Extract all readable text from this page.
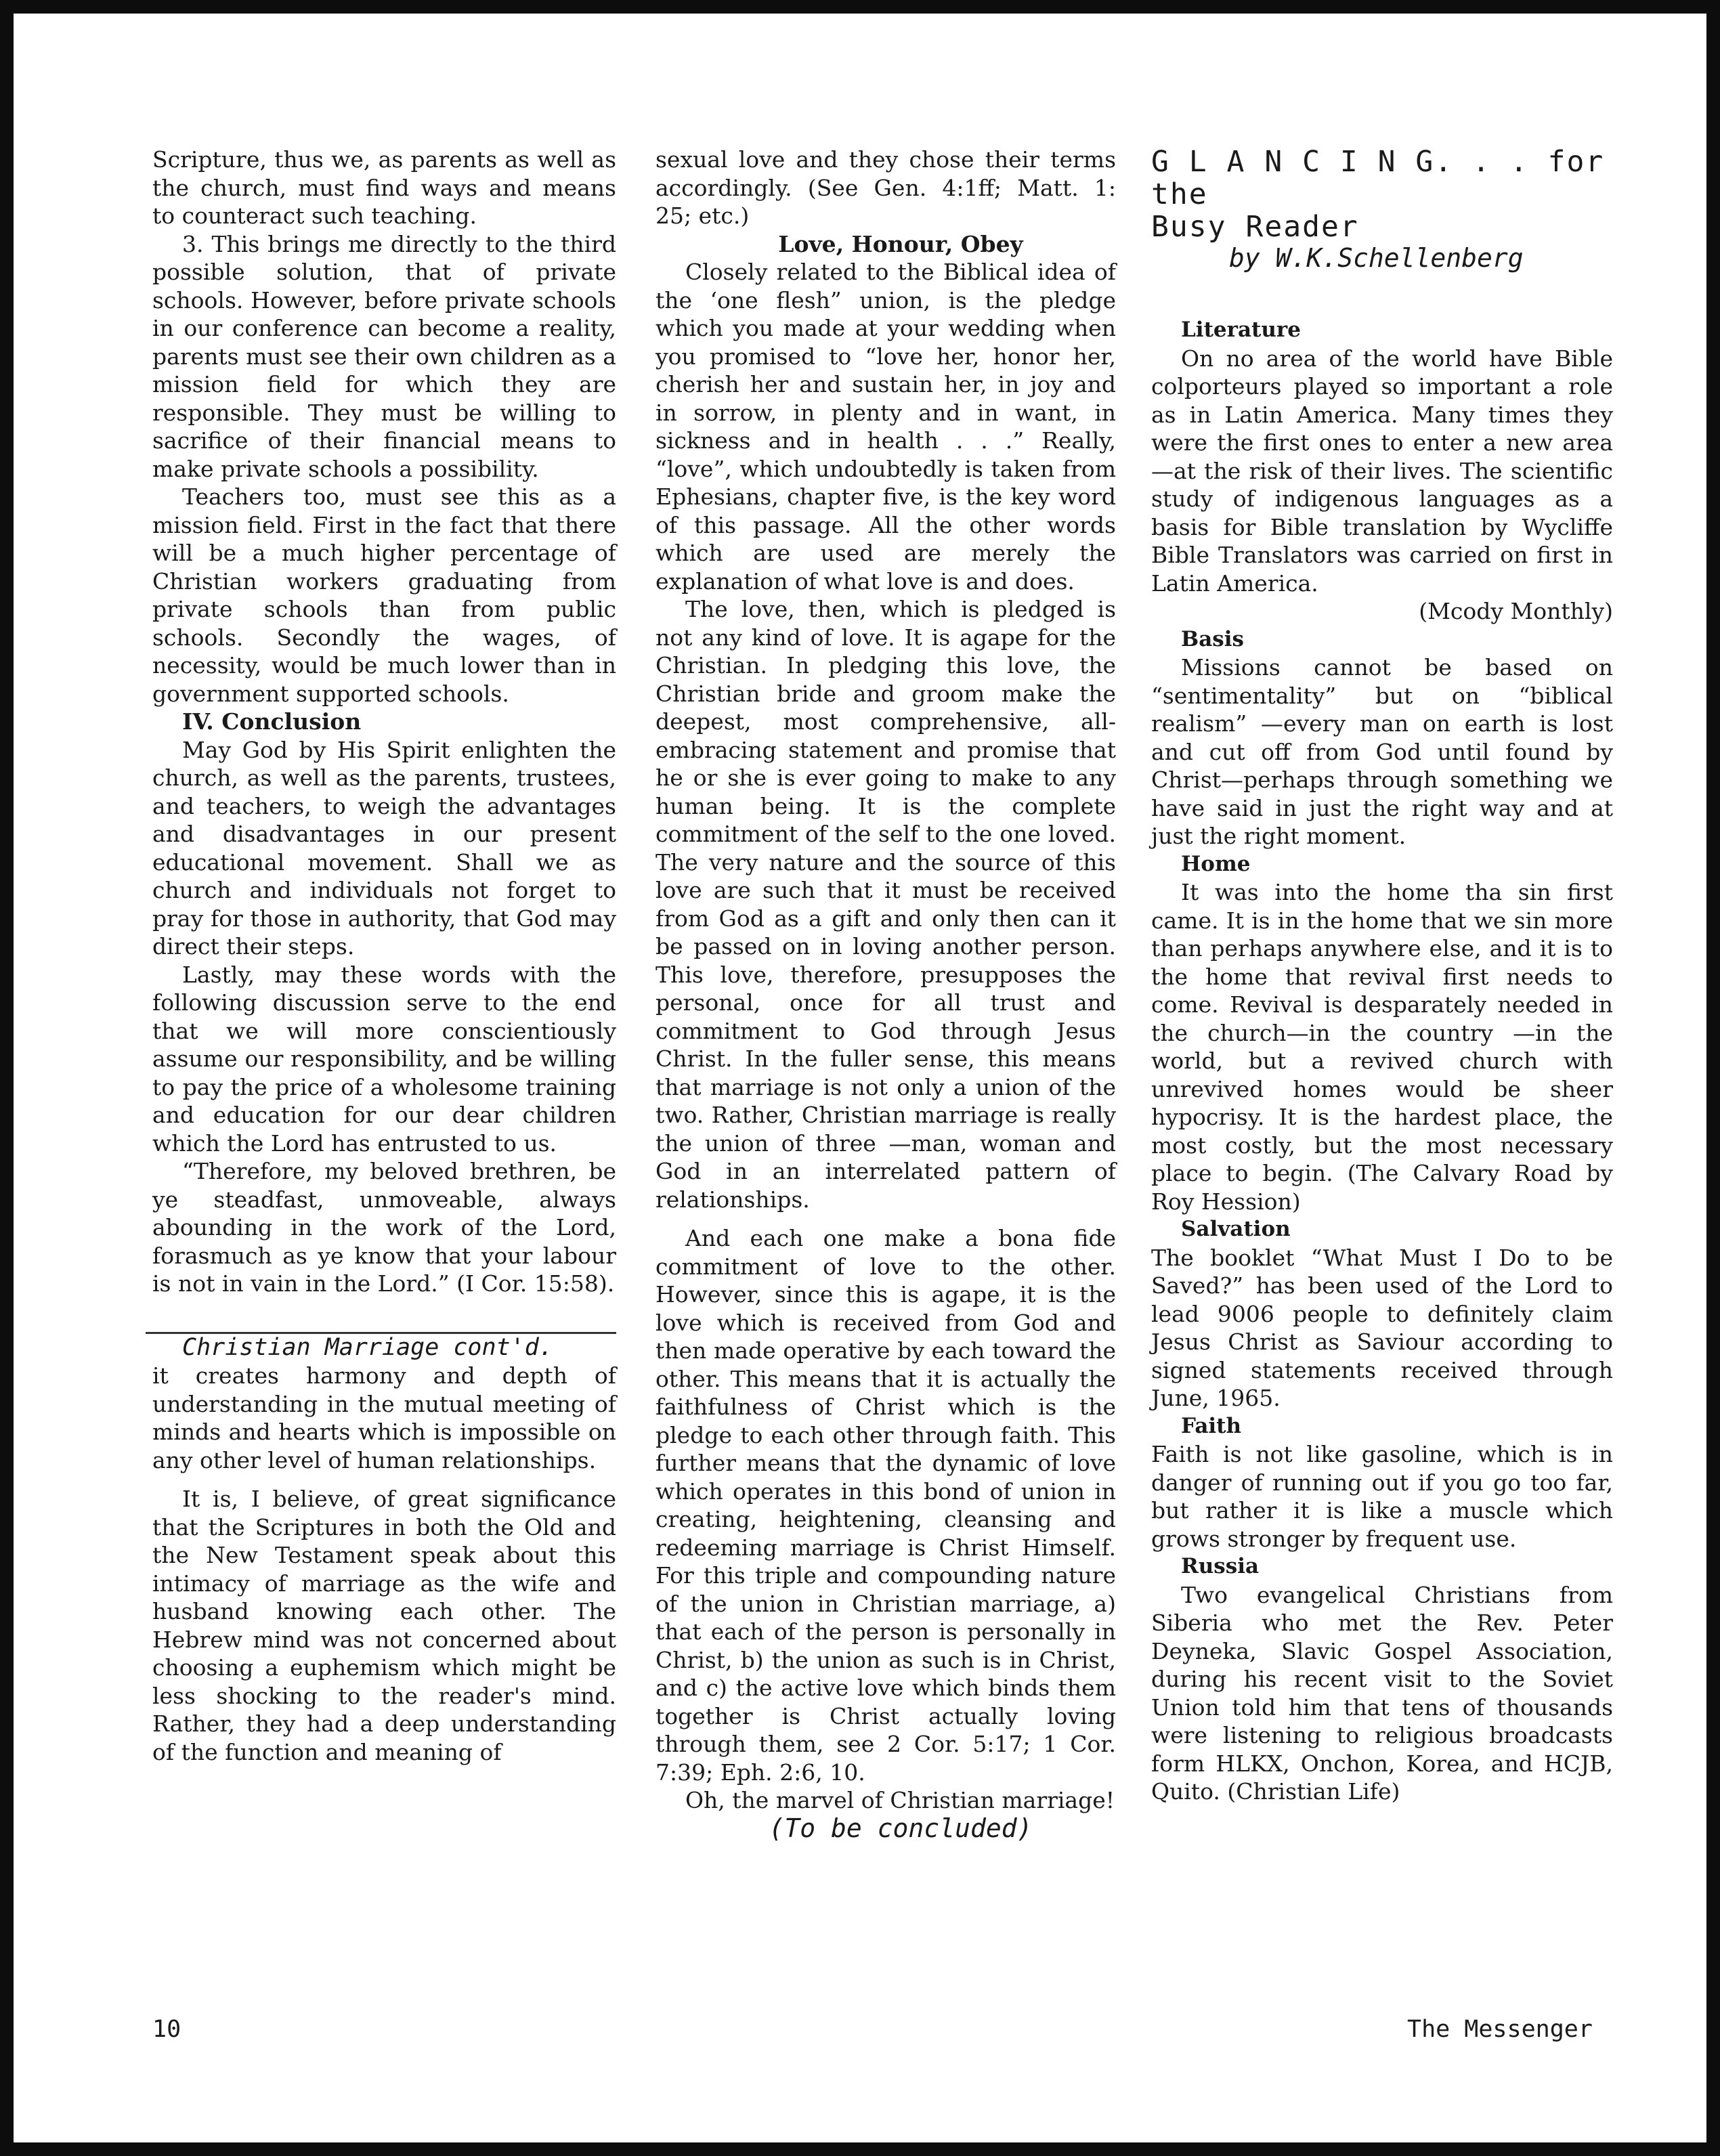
Scripture, thus we, as parents as well as the church, must find ways and means to counteract such teaching.

3. This brings me directly to the third possible solution, that of private schools. However, before private schools in our conference can become a reality, parents must see their own children as a mission field for which they are responsible. They must be willing to sacrifice of their financial means to make private schools a possibility.

Teachers too, must see this as a mission field. First in the fact that there will be a much higher percentage of Christian workers graduating from private schools than from public schools. Secondly the wages, of necessity, would be much lower than in government supported schools.

IV. Conclusion

May God by His Spirit enlighten the church, as well as the parents, trustees, and teachers, to weigh the advantages and disadvantages in our present educational movement. Shall we as church and individuals not forget to pray for those in authority, that God may direct their steps.

Lastly, may these words with the following discussion serve to the end that we will more conscientiously assume our responsibility, and be willing to pay the price of a wholesome training and education for our dear children which the Lord has entrusted to us.

“Therefore, my beloved brethren, be ye steadfast, unmoveable, always abounding in the work of the Lord, forasmuch as ye know that your labour is not in vain in the Lord.” (I Cor. 15:58).

Christian Marriage cont'd.

it creates harmony and depth of understanding in the mutual meeting of minds and hearts which is impossible on any other level of human relationships.

It is, I believe, of great significance that the Scriptures in both the Old and the New Testament speak about this intimacy of marriage as the wife and husband knowing each other. The Hebrew mind was not concerned about choosing a euphemism which might be less shocking to the reader's mind. Rather, they had a deep understanding of the function and meaning of

sexual love and they chose their terms accordingly. (See Gen. 4:1ff; Matt. 1: 25; etc.)

Love, Honour, Obey

Closely related to the Biblical idea of the ‘one flesh” union, is the pledge which you made at your wedding when you promised to “love her, honor her, cherish her and sustain her, in joy and in sorrow, in plenty and in want, in sickness and in health . . .” Really, “love”, which undoubtedly is taken from Ephesians, chapter five, is the key word of this passage. All the other words which are used are merely the explanation of what love is and does.

The love, then, which is pledged is not any kind of love. It is agape for the Christian. In pledging this love, the Christian bride and groom make the deepest, most comprehensive, all-embracing statement and promise that he or she is ever going to make to any human being. It is the complete commitment of the self to the one loved. The very nature and the source of this love are such that it must be received from God as a gift and only then can it be passed on in loving another person. This love, therefore, presupposes the personal, once for all trust and commitment to God through Jesus Christ. In the fuller sense, this means that marriage is not only a union of the two. Rather, Christian marriage is really the union of three —man, woman and God in an interrelated pattern of relationships.

And each one make a bona fide commitment of love to the other. However, since this is agape, it is the love which is received from God and then made operative by each toward the other. This means that it is actually the faithfulness of Christ which is the pledge to each other through faith. This further means that the dynamic of love which operates in this bond of union in creating, heightening, cleansing and redeeming marriage is Christ Himself. For this triple and compounding nature of the union in Christian marriage, a) that each of the person is personally in Christ, b) the union as such is in Christ, and c) the active love which binds them together is Christ actually loving through them, see 2 Cor. 5:17; 1 Cor. 7:39; Eph. 2:6, 10.

Oh, the marvel of Christian marriage!

(To be concluded)

G L A N C I N G. . . for the
Busy Reader
by W.K.Schellenberg

Literature

On no area of the world have Bible colporteurs played so important a role as in Latin America. Many times they were the first ones to enter a new area—at the risk of their lives. The scientific study of indigenous languages as a basis for Bible translation by Wycliffe Bible Translators was carried on first in Latin America.

(Mcody Monthly)

Basis

Missions cannot be based on “sentimentality” but on “biblical realism” —every man on earth is lost and cut off from God until found by Christ—perhaps through something we have said in just the right way and at just the right moment.

Home

It was into the home tha sin first came. It is in the home that we sin more than perhaps anywhere else, and it is to the home that revival first needs to come. Revival is desparately needed in the church—in the country —in the world, but a revived church with unrevived homes would be sheer hypocrisy. It is the hardest place, the most costly, but the most necessary place to begin. (The Calvary Road by Roy Hession)

Salvation

The booklet “What Must I Do to be Saved?” has been used of the Lord to lead 9006 people to definitely claim Jesus Christ as Saviour according to signed statements received through June, 1965.

Faith

Faith is not like gasoline, which is in danger of running out if you go too far, but rather it is like a muscle which grows stronger by frequent use.

Russia

Two evangelical Christians from Siberia who met the Rev. Peter Deyneka, Slavic Gospel Association, during his recent visit to the Soviet Union told him that tens of thousands were listening to religious broadcasts form HLKX, Onchon, Korea, and HCJB, Quito. (Christian Life)

10	The Messenger
